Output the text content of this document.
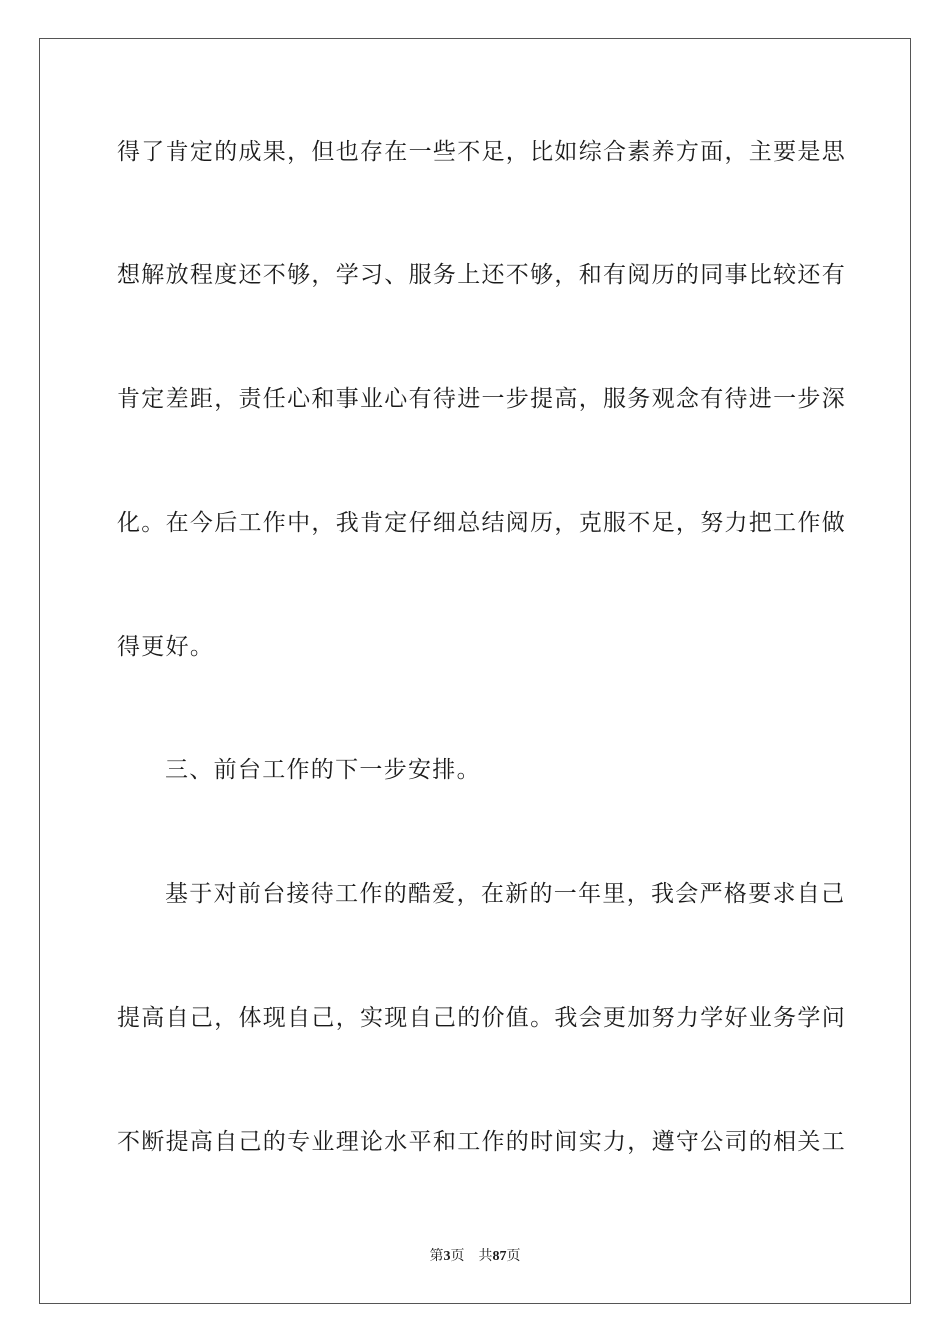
得了肯定的成果，但也存在一些不足，比如综合素养方面，主要是思
想解放程度还不够，学习、服务上还不够，和有阅历的同事比较还有
肯定差距，责任心和事业心有待进一步提高，服务观念有待进一步深
化。在今后工作中，我肯定仔细总结阅历，克服不足，努力把工作做
得更好。
三、前台工作的下一步安排。
基于对前台接待工作的酷爱，在新的一年里，我会严格要求自己
提高自己，体现自己，实现自己的价值。我会更加努力学好业务学问
不断提高自己的专业理论水平和工作的时间实力，遵守公司的相关工
第3页 共87页
